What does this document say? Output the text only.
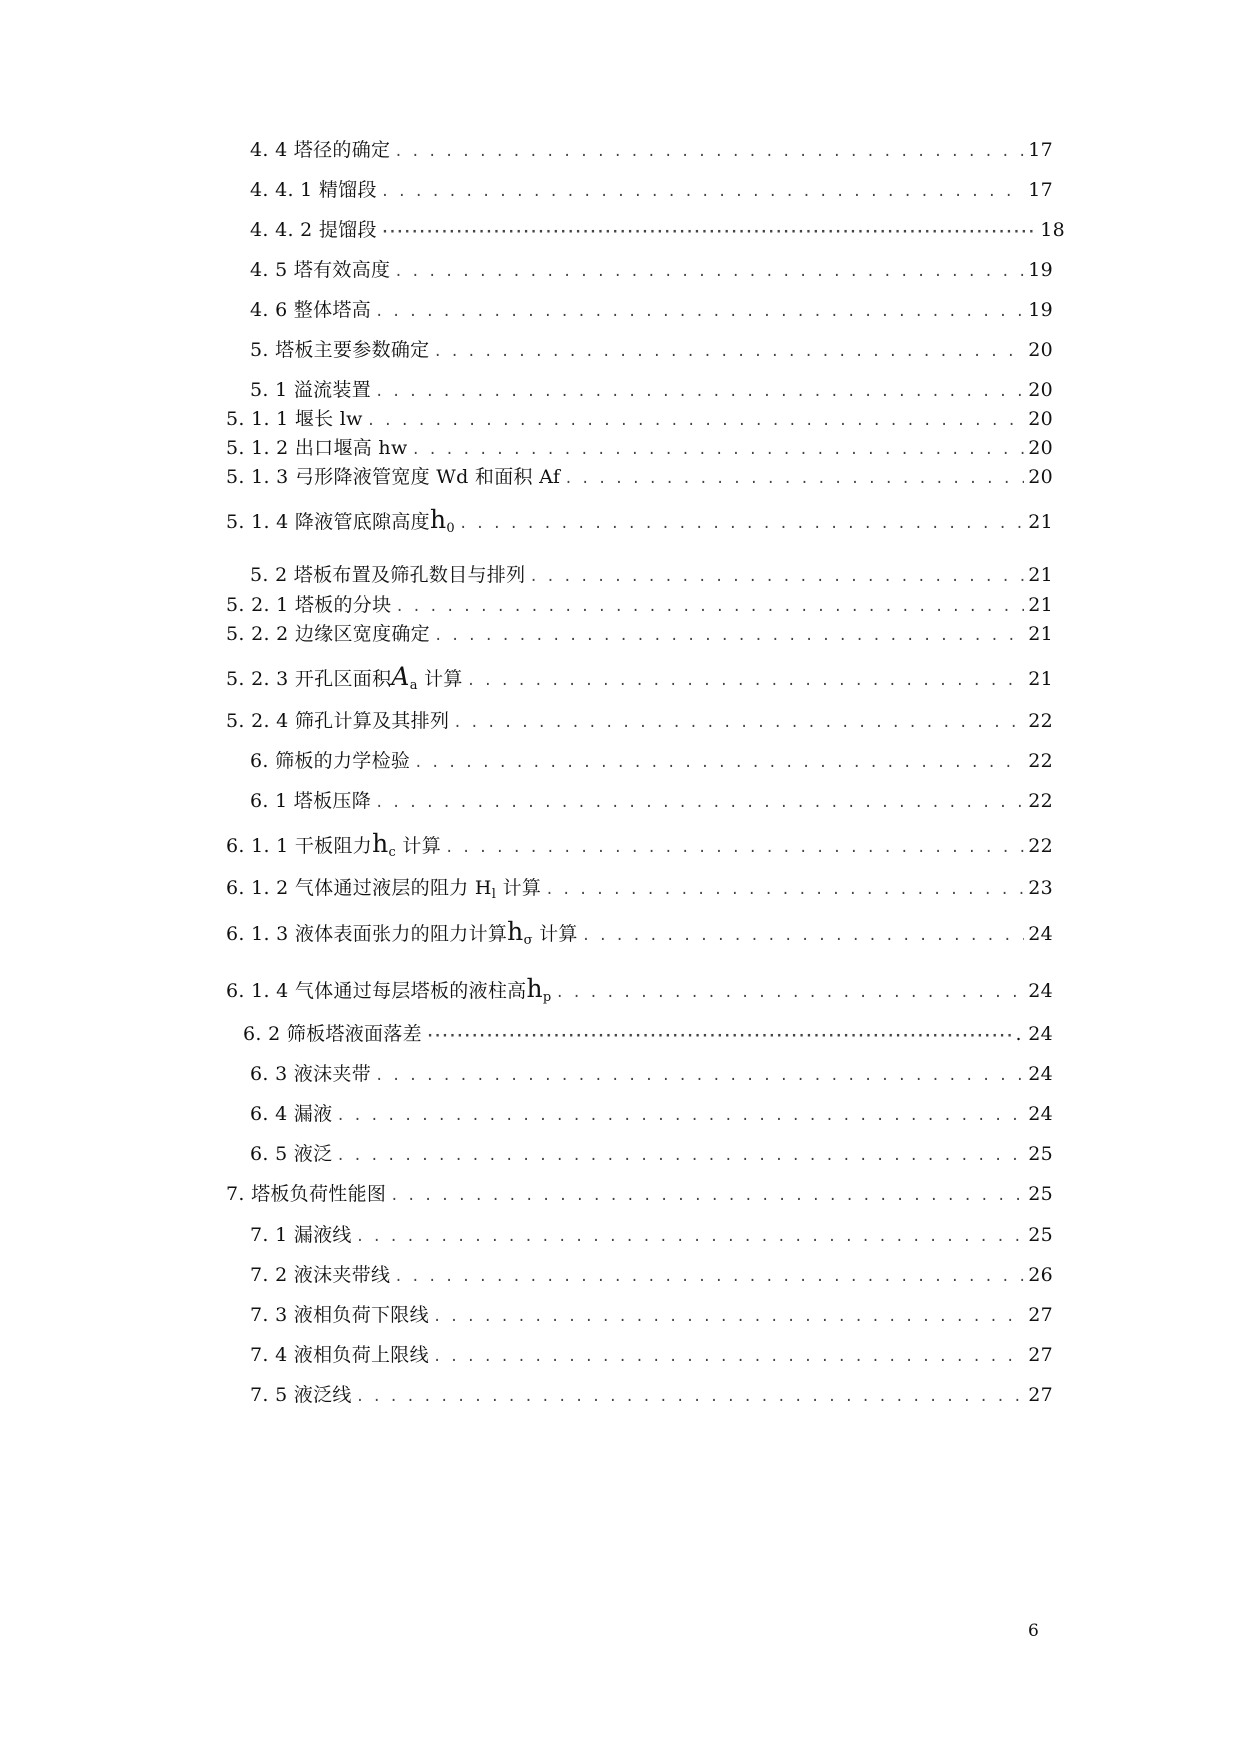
4. 4 塔径的确定 . . .	17
4. 4. 1 精馏段 . . .	17
4. 4. 2 提馏段 ·····	18
4. 5 塔有效高度 . . .	19
4. 6 整体塔高 . . .	19
5. 塔板主要参数确定 . . .	20
5. 1 溢流装置 . . .	20
5. 1. 1 堰长 lw . . .	20
5. 1. 2 出口堰高 hw . . .	20
5. 1. 3 弓形降液管宽度 Wd 和面积 Af . . .	20
5. 1. 4 降液管底隙高度$h_0$ . . .	21
5. 2 塔板布置及筛孔数目与排列 . . .	21
5. 2. 1 塔板的分块 . . .	21
5. 2. 2 边缘区宽度确定 . . .	21
5. 2. 3 开孔区面积$A_a$ 计算 . . .	21
5. 2. 4 筛孔计算及其排列 . . .	22
6. 筛板的力学检验 . . .	22
6. 1 塔板压降 . . .	22
6. 1. 1 干板阻力$h_c$ 计算 . . .	22
6. 1. 2 气体通过液层的阻力 $H_l$ 计算 . . .	23
6. 1. 3 液体表面张力的阻力计算$h_\sigma$ 计算 . . .	24
6. 1. 4 气体通过每层塔板的液柱高$h_p$ . . .	24
6. 2 筛板塔液面落差 ·····	. 24
6. 3 液沫夹带 . . .	24
6. 4 漏液 . . .	24
6. 5 液泛 . . .	25
7. 塔板负荷性能图 . . .	25
7. 1 漏液线 . . .	25
7. 2 液沫夹带线 . . .	26
7. 3 液相负荷下限线 . . .	27
7. 4 液相负荷上限线 . . .	27
7. 5 液泛线 . . .	27
6
